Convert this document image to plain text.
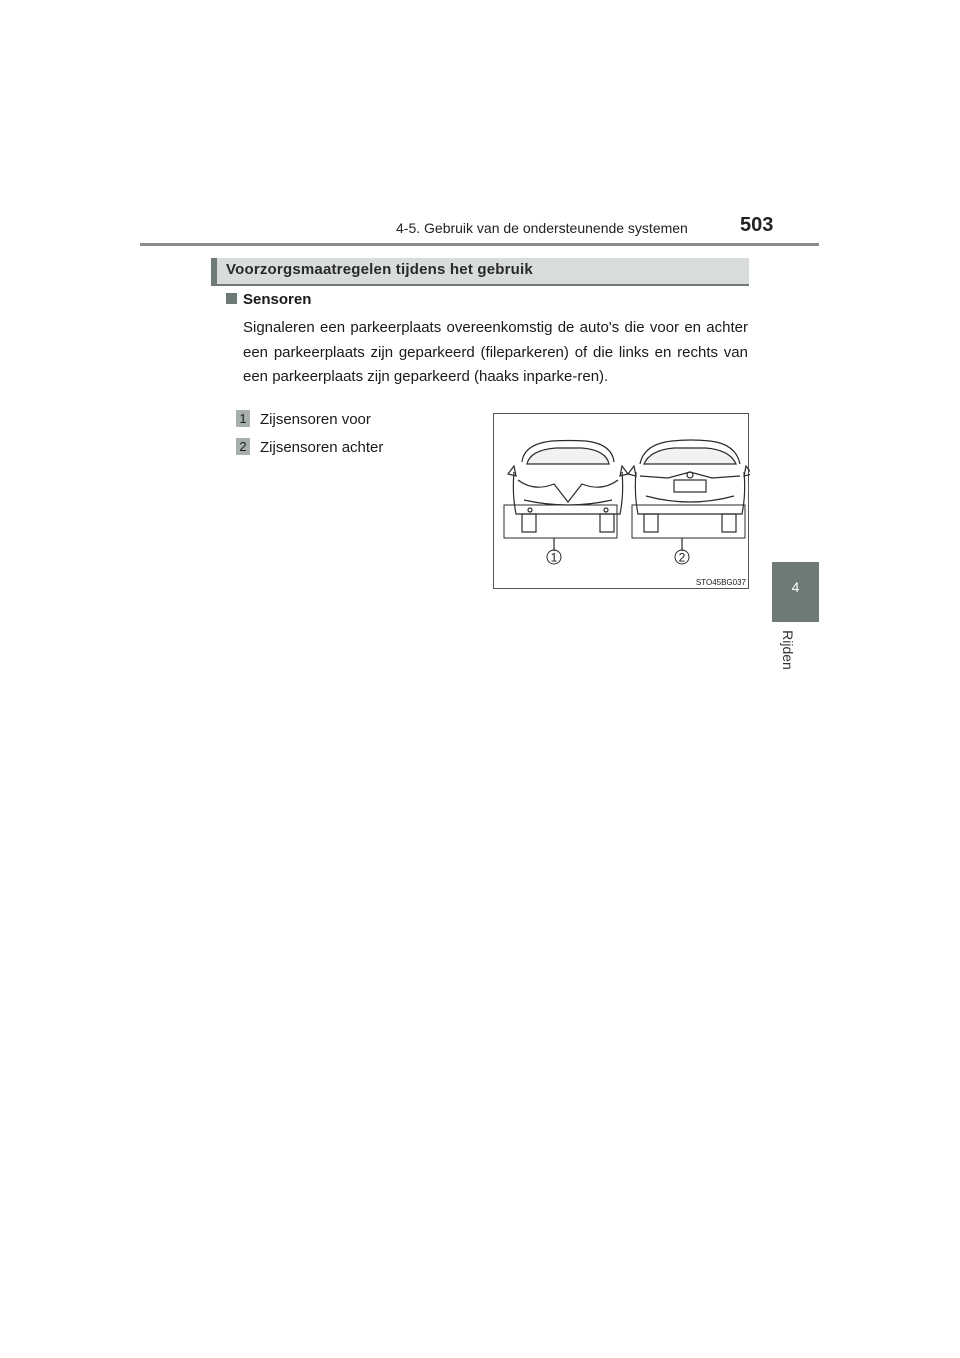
4-5. Gebruik van de ondersteunende systemen	503
4
Rijden
Voorzorgsmaatregelen tijdens het gebruik
Sensoren
Signaleren een parkeerplaats overeenkomstig de auto's die voor en achter een parkeerplaats zijn geparkeerd (fileparkeren) of die links en rechts van een parkeerplaats zijn geparkeerd (haaks inparke-ren).
1 Zijsensoren voor
2 Zijsensoren achter
1	2
STO45BG037
